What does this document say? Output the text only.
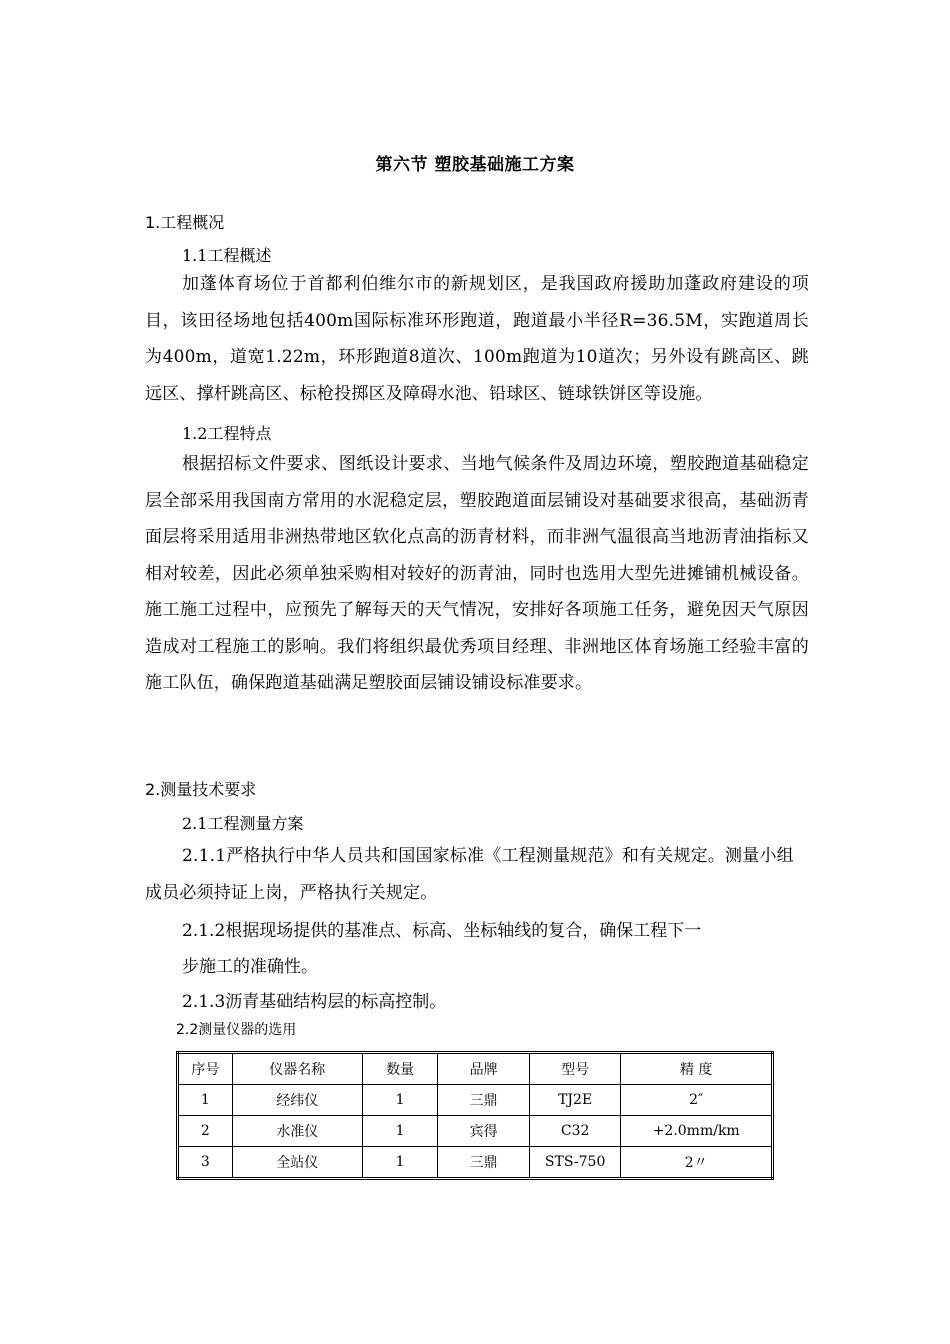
第六节 塑胶基础施工方案
1.工程概况
1.1工程概述
加蓬体育场位于首都利伯维尔市的新规划区，是我国政府援助加蓬政府建设的项目，该田径场地包括400m国际标准环形跑道，跑道最小半径R=36.5M，实跑道周长为400m，道宽1.22m，环形跑道8道次、100m跑道为10道次；另外设有跳高区、跳远区、撑杆跳高区、标枪投掷区及障碍水池、铅球区、链球铁饼区等设施。
1.2工程特点
根据招标文件要求、图纸设计要求、当地气候条件及周边环境，塑胶跑道基础稳定层全部采用我国南方常用的水泥稳定层，塑胶跑道面层铺设对基础要求很高，基础沥青面层将采用适用非洲热带地区软化点高的沥青材料，而非洲气温很高当地沥青油指标又相对较差，因此必须单独采购相对较好的沥青油，同时也选用大型先进摊铺机械设备。施工施工过程中，应预先了解每天的天气情况，安排好各项施工任务，避免因天气原因造成对工程施工的影响。我们将组织最优秀项目经理、非洲地区体育场施工经验丰富的施工队伍，确保跑道基础满足塑胶面层铺设铺设标准要求。
2.测量技术要求
2.1工程测量方案
2.1.1严格执行中华人员共和国国家标准《工程测量规范》和有关规定。测量小组成员必须持证上岗，严格执行关规定。
2.1.2根据现场提供的基准点、标高、坐标轴线的复合，确保工程下一
步施工的准确性。
2.1.3沥青基础结构层的标高控制。
2.2测量仪器的选用
序号	仪器名称	数量	品牌	型号	精 度
1	经纬仪	1	三鼎	TJ2E	2″
2	水准仪	1	宾得	C32	+2.0mm/km
3	全站仪	1	三鼎	STS-750	2〃
